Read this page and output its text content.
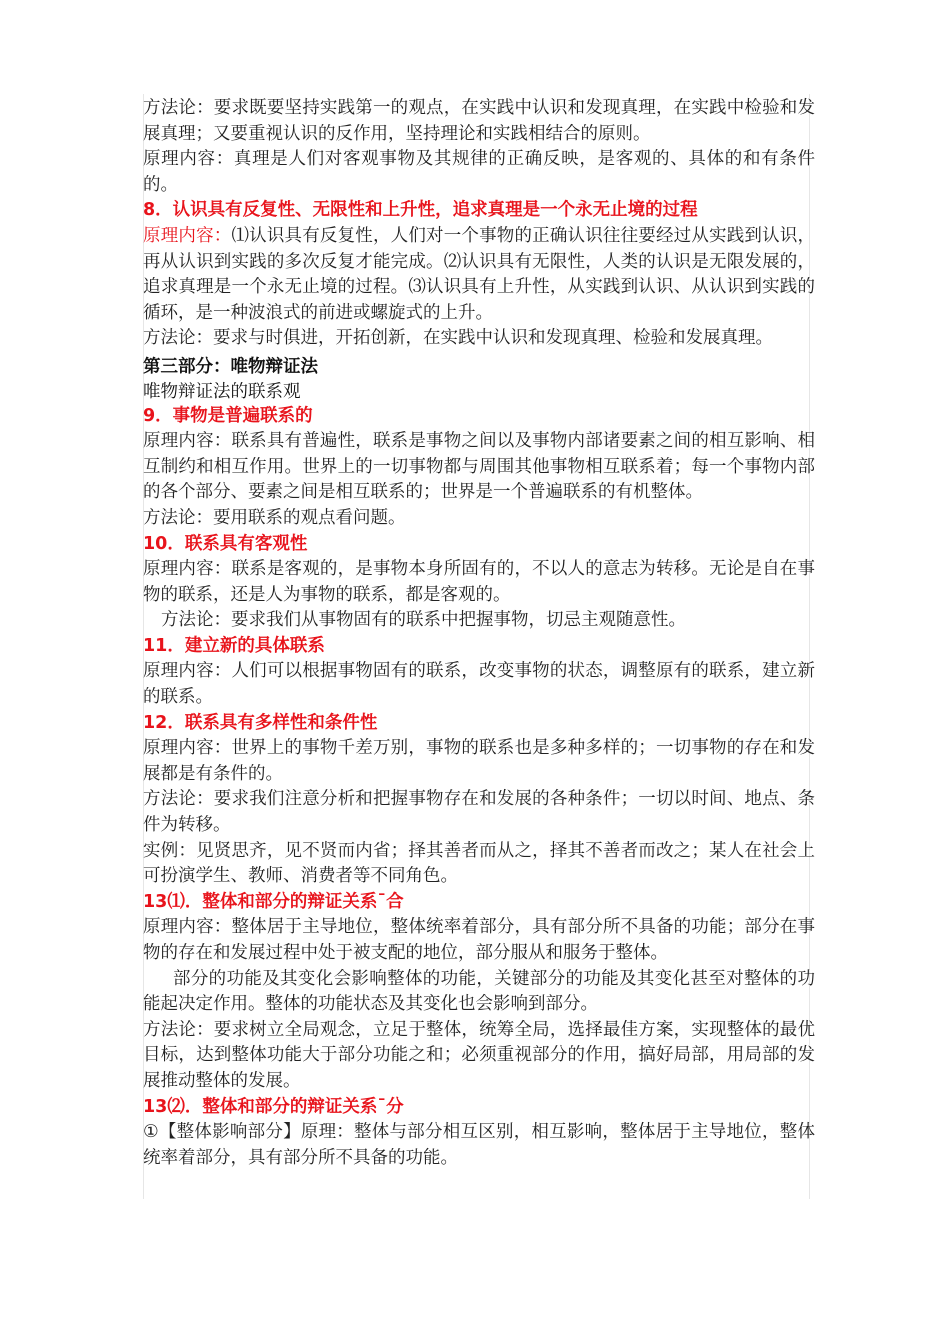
方法论：要求既要坚持实践第一的观点，在实践中认识和发现真理，在实践中检验和发展真理；又要重视认识的反作用，坚持理论和实践相结合的原则。

原理内容：真理是人们对客观事物及其规律的正确反映，是客观的、具体的和有条件的。

8．认识具有反复性、无限性和上升性，追求真理是一个永无止境的过程

原理内容：⑴认识具有反复性，人们对一个事物的正确认识往往要经过从实践到认识，再从认识到实践的多次反复才能完成。⑵认识具有无限性，人类的认识是无限发展的，追求真理是一个永无止境的过程。⑶认识具有上升性，从实践到认识、从认识到实践的循环，是一种波浪式的前进或螺旋式的上升。

方法论：要求与时俱进，开拓创新，在实践中认识和发现真理、检验和发展真理。

第三部分：唯物辩证法

唯物辩证法的联系观

9．事物是普遍联系的

原理内容：联系具有普遍性，联系是事物之间以及事物内部诸要素之间的相互影响、相互制约和相互作用。世界上的一切事物都与周围其他事物相互联系着；每一个事物内部的各个部分、要素之间是相互联系的；世界是一个普遍联系的有机整体。

方法论：要用联系的观点看问题。

10．联系具有客观性

原理内容：联系是客观的，是事物本身所固有的，不以人的意志为转移。无论是自在事物的联系，还是人为事物的联系，都是客观的。

方法论：要求我们从事物固有的联系中把握事物，切忌主观随意性。

11．建立新的具体联系

原理内容：人们可以根据事物固有的联系，改变事物的状态，调整原有的联系，建立新的联系。

12．联系具有多样性和条件性

原理内容：世界上的事物千差万别，事物的联系也是多种多样的；一切事物的存在和发展都是有条件的。

方法论：要求我们注意分析和把握事物存在和发展的各种条件；一切以时间、地点、条件为转移。

实例：见贤思齐，见不贤而内省；择其善者而从之，择其不善者而改之；某人在社会上可扮演学生、教师、消费者等不同角色。

13⑴．整体和部分的辩证关系¯合

原理内容：整体居于主导地位，整体统率着部分，具有部分所不具备的功能；部分在事物的存在和发展过程中处于被支配的地位，部分服从和服务于整体。

部分的功能及其变化会影响整体的功能，关键部分的功能及其变化甚至对整体的功能起决定作用。整体的功能状态及其变化也会影响到部分。

方法论：要求树立全局观念，立足于整体，统筹全局，选择最佳方案，实现整体的最优目标，达到整体功能大于部分功能之和；必须重视部分的作用，搞好局部，用局部的发展推动整体的发展。

13⑵．整体和部分的辩证关系¯分

①【整体影响部分】原理：整体与部分相互区别，相互影响，整体居于主导地位，整体统率着部分，具有部分所不具备的功能。
